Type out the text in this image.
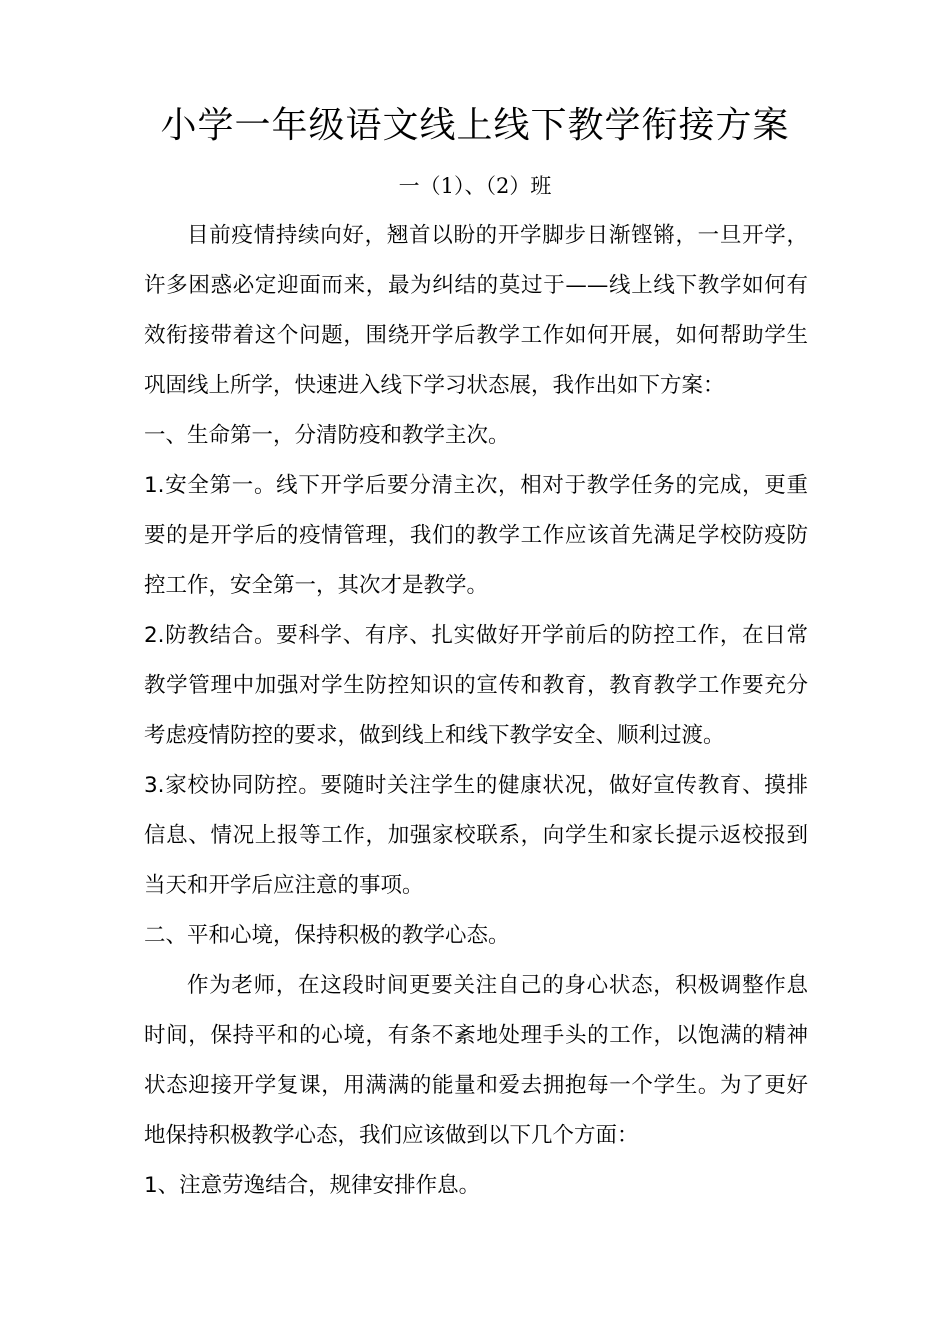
小学一年级语文线上线下教学衔接方案
一（1）、（2）班

目前疫情持续向好，翘首以盼的开学脚步日渐铿锵，一旦开学，许多困惑必定迎面而来，最为纠结的莫过于——线上线下教学如何有效衔接带着这个问题，围绕开学后教学工作如何开展，如何帮助学生巩固线上所学，快速进入线下学习状态展，我作出如下方案：

一、生命第一，分清防疫和教学主次。

1.安全第一。线下开学后要分清主次，相对于教学任务的完成，更重要的是开学后的疫情管理，我们的教学工作应该首先满足学校防疫防控工作，安全第一，其次才是教学。

2.防教结合。要科学、有序、扎实做好开学前后的防控工作，在日常教学管理中加强对学生防控知识的宣传和教育，教育教学工作要充分考虑疫情防控的要求，做到线上和线下教学安全、顺利过渡。

3.家校协同防控。要随时关注学生的健康状况，做好宣传教育、摸排信息、情况上报等工作，加强家校联系，向学生和家长提示返校报到当天和开学后应注意的事项。

二、平和心境，保持积极的教学心态。

作为老师，在这段时间更要关注自己的身心状态，积极调整作息时间，保持平和的心境，有条不紊地处理手头的工作，以饱满的精神状态迎接开学复课，用满满的能量和爱去拥抱每一个学生。为了更好地保持积极教学心态，我们应该做到以下几个方面：

1、注意劳逸结合，规律安排作息。
